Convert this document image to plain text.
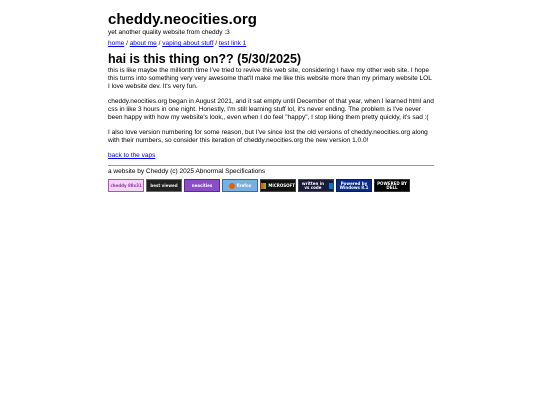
cheddy.neocities.org
yet another quality website from cheddy :3
home / about me / vaping about stuff / test link 1
hai is this thing on?? (5/30/2025)

this is like maybe the millionth time I've tried to revive this web site, considering I have my other web site. I hope this turns into something very very awesome that'll make me like this website more than my primary website LOL I love website dev. It's very fun.

cheddy.neocities.org began in August 2021, and it sat empty until December of that year, when I learned html and css in like 3 hours in one night. Honestly, I'm still learning stuff lol, it's never ending. The problem is I've never been happy with how my website's look,, even when I do feel "happy", I stop liking them pretty quickly, it's sad :(

I also love version numbering for some reason, but I've since lost the old versions of cheddy.neocities.org along with their numbers, so consider this iteration of cheddy.neocities.org the new version 1.0.0!

back to the vaps
a website by Cheddy (c) 2025 Abnormal Specifications
cheddy 88x31 best viewed	neocities	firefox	MICROSOFT	written in vs code
Powered by Windows 8.1
POWERED BY DELL
